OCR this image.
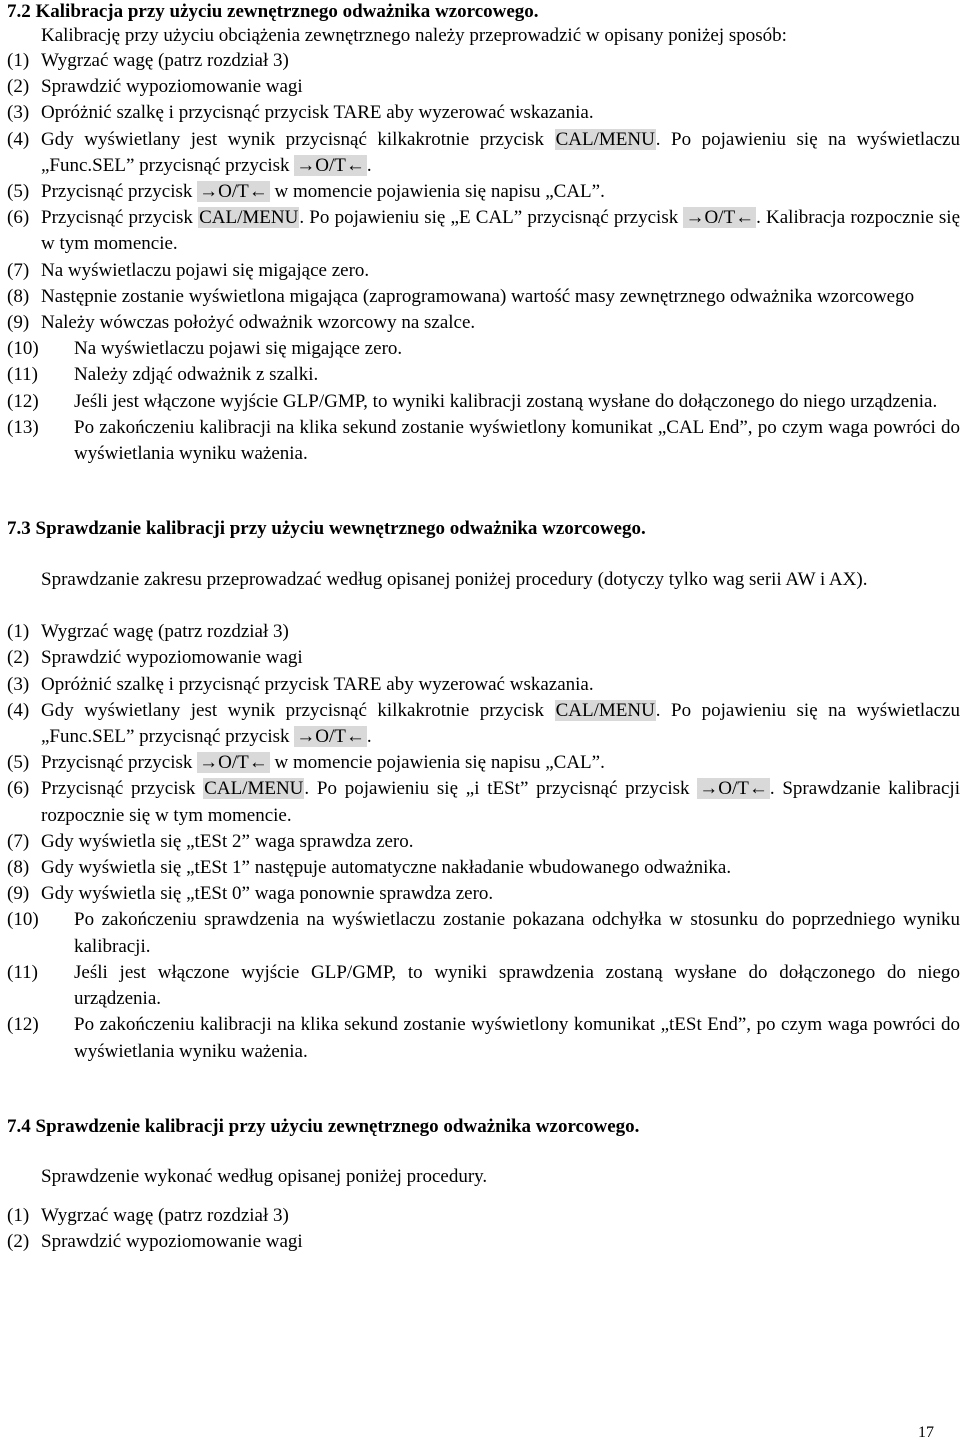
7.2 Kalibracja przy użyciu zewnętrznego odważnika wzorcowego.

Kalibrację przy użyciu obciążenia zewnętrznego należy przeprowadzić w opisany poniżej sposób:

(1) Wygrzać wagę (patrz rozdział 3)
(2) Sprawdzić wypoziomowanie wagi
(3) Opróżnić szalkę i przycisnąć przycisk TARE aby wyzerować wskazania.
(4) Gdy wyświetlany jest wynik przycisnąć kilkakrotnie przycisk CAL/MENU. Po pojawieniu się na wyświetlaczu „Func.SEL” przycisnąć przycisk →O/T← .
(5) Przycisnąć przycisk →O/T← w momencie pojawienia się napisu „CAL”.
(6) Przycisnąć przycisk CAL/MENU. Po pojawieniu się „E CAL” przycisnąć przycisk →O/T← . Kalibracja rozpocznie się w tym momencie.
(7) Na wyświetlaczu pojawi się migające zero.
(8) Następnie zostanie wyświetlona migająca (zaprogramowana) wartość masy zewnętrznego odważnika wzorcowego
(9) Należy wówczas położyć odważnik wzorcowy na szalce.
(10)	Na wyświetlaczu pojawi się migające zero.
(11)	Należy zdjąć odważnik z szalki.
(12)	Jeśli jest włączone wyjście GLP/GMP, to wyniki kalibracji zostaną wysłane do dołączonego do niego urządzenia.
(13)	Po zakończeniu kalibracji na klika sekund zostanie wyświetlony komunikat „CAL End”, po czym waga powróci do wyświetlania wyniku ważenia.
7.3 Sprawdzanie kalibracji przy użyciu wewnętrznego odważnika wzorcowego.

Sprawdzanie zakresu przeprowadzać według opisanej poniżej procedury (dotyczy tylko wag serii AW i AX).

(1) Wygrzać wagę (patrz rozdział 3)
(2) Sprawdzić wypoziomowanie wagi
(3) Opróżnić szalkę i przycisnąć przycisk TARE aby wyzerować wskazania.
(4) Gdy wyświetlany jest wynik przycisnąć kilkakrotnie przycisk CAL/MENU. Po pojawieniu się na wyświetlaczu „Func.SEL” przycisnąć przycisk →O/T← .
(5) Przycisnąć przycisk →O/T← w momencie pojawienia się napisu „CAL”.
(6) Przycisnąć przycisk CAL/MENU. Po pojawieniu się „i tESt” przycisnąć przycisk →O/T← . Sprawdzanie kalibracji rozpocznie się w tym momencie.
(7) Gdy wyświetla się „tESt 2” waga sprawdza zero.
(8) Gdy wyświetla się „tESt 1” następuje automatyczne nakładanie wbudowanego odważnika.
(9) Gdy wyświetla się „tESt 0” waga ponownie sprawdza zero.
(10)	Po zakończeniu sprawdzenia na wyświetlaczu zostanie pokazana odchyłka w stosunku do poprzedniego wyniku kalibracji.
(11)	Jeśli jest włączone wyjście GLP/GMP, to wyniki sprawdzenia zostaną wysłane do dołączonego do niego urządzenia.
(12)	Po zakończeniu kalibracji na klika sekund zostanie wyświetlony komunikat „tESt End”, po czym waga powróci do wyświetlania wyniku ważenia.
7.4 Sprawdzenie kalibracji przy użyciu zewnętrznego odważnika wzorcowego.

Sprawdzenie wykonać według opisanej poniżej procedury.

(1) Wygrzać wagę (patrz rozdział 3)
(2) Sprawdzić wypoziomowanie wagi
17
